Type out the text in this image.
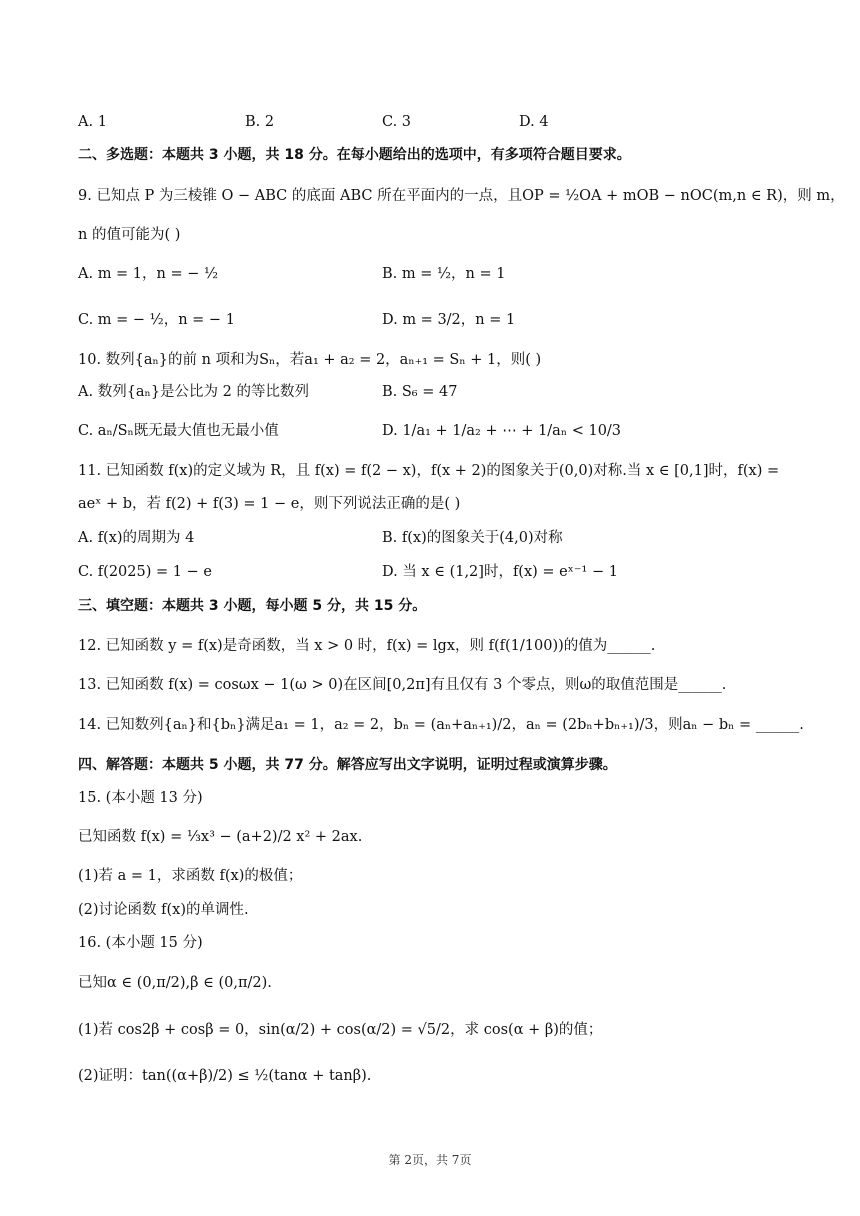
A. 1	B. 2	C. 3	D. 4
二、多选题：本题共 3 小题，共 18 分。在每小题给出的选项中，有多项符合题目要求。
9. 已知点 P 为三棱锥 O − ABC 的底面 ABC 所在平面内的一点，且OP = ½OA + mOB − nOC(m,n ∈ R)，则 m，
n 的值可能为( )
A. m = 1，n = − ½	B. m = ½，n = 1
C. m = − ½，n = − 1	D. m = 3/2，n = 1
10. 数列{aₙ}的前 n 项和为Sₙ，若a₁ + a₂ = 2，aₙ₊₁ = Sₙ + 1，则( )
A. 数列{aₙ}是公比为 2 的等比数列	B. S₆ = 47
C. aₙ/Sₙ既无最大值也无最小值	D. 1/a₁ + 1/a₂ + ⋯ + 1/aₙ < 10/3
11. 已知函数 f(x)的定义域为 R，且 f(x) = f(2 − x)，f(x + 2)的图象关于(0,0)对称.当 x ∈ [0,1]时，f(x) =
aeˣ + b，若 f(2) + f(3) = 1 − e，则下列说法正确的是( )
A. f(x)的周期为 4	B. f(x)的图象关于(4,0)对称
C. f(2025) = 1 − e	D. 当 x ∈ (1,2]时，f(x) = eˣ⁻¹ − 1
三、填空题：本题共 3 小题，每小题 5 分，共 15 分。
12. 已知函数 y = f(x)是奇函数，当 x > 0 时，f(x) = lgx，则 f(f(1/100))的值为______.
13. 已知函数 f(x) = cosωx − 1(ω > 0)在区间[0,2π]有且仅有 3 个零点，则ω的取值范围是______.
14. 已知数列{aₙ}和{bₙ}满足a₁ = 1，a₂ = 2，bₙ = (aₙ+aₙ₊₁)/2，aₙ = (2bₙ+bₙ₊₁)/3，则aₙ − bₙ = ______.
四、解答题：本题共 5 小题，共 77 分。解答应写出文字说明，证明过程或演算步骤。
15. (本小题 13 分)
已知函数 f(x) = ⅓x³ − (a+2)/2 x² + 2ax.
(1)若 a = 1，求函数 f(x)的极值；
(2)讨论函数 f(x)的单调性.
16. (本小题 15 分)
已知α ∈ (0,π/2),β ∈ (0,π/2).
(1)若 cos2β + cosβ = 0，sin(α/2) + cos(α/2) = √5/2，求 cos(α + β)的值；
(2)证明：tan((α+β)/2) ≤ ½(tanα + tanβ).
第 2页，共 7页
